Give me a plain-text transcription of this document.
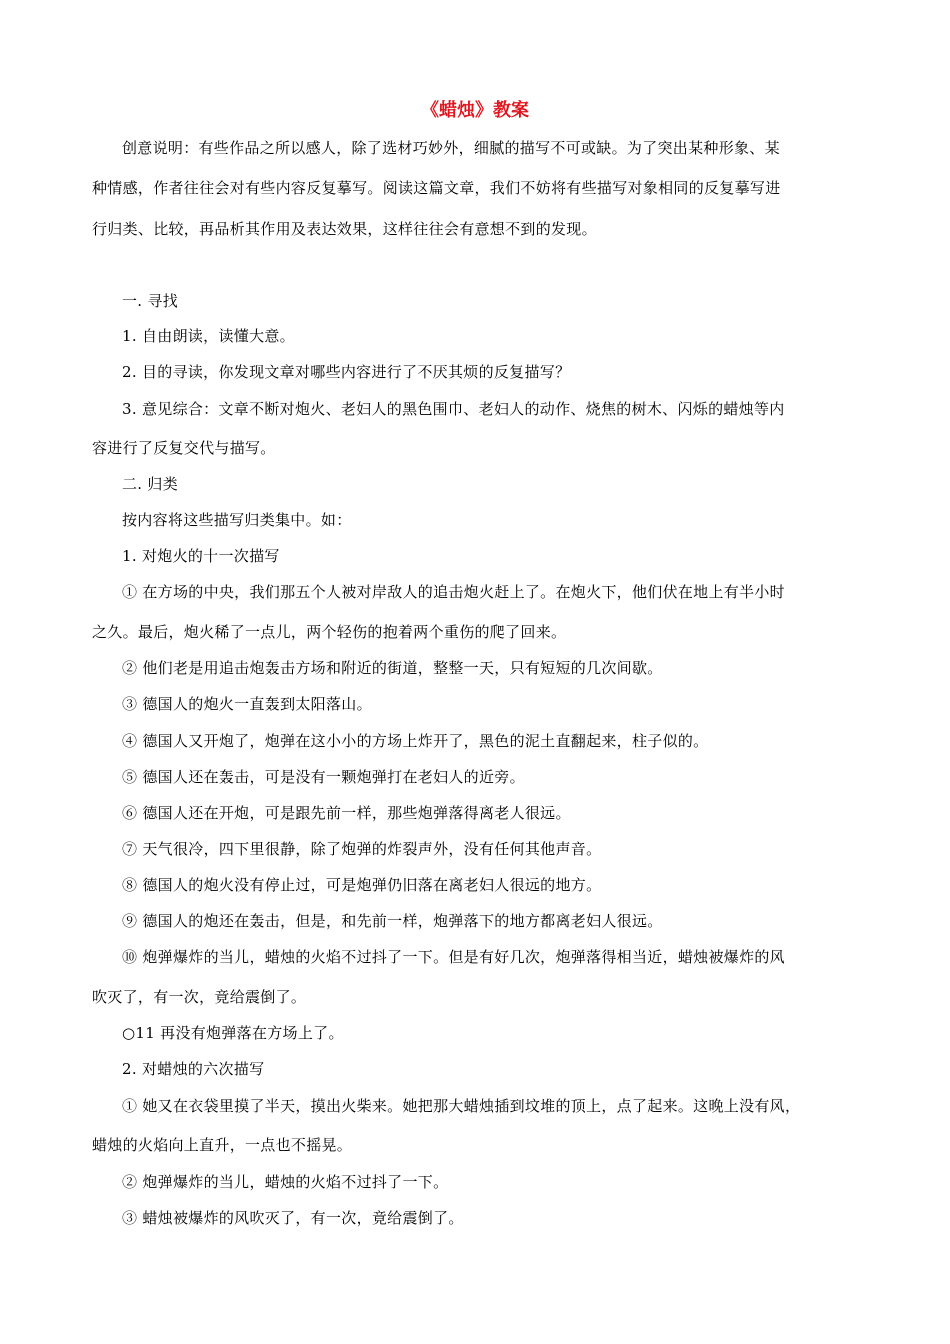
《蜡烛》教案
创意说明：有些作品之所以感人，除了选材巧妙外，细腻的描写不可或缺。为了突出某种形象、某
种情感，作者往往会对有些内容反复摹写。阅读这篇文章，我们不妨将有些描写对象相同的反复摹写进
行归类、比较，再品析其作用及表达效果，这样往往会有意想不到的发现。
一. 寻找
1. 自由朗读，读懂大意。
2. 目的寻读，你发现文章对哪些内容进行了不厌其烦的反复描写？
3. 意见综合：文章不断对炮火、老妇人的黑色围巾、老妇人的动作、烧焦的树木、闪烁的蜡烛等内
容进行了反复交代与描写。
二. 归类
按内容将这些描写归类集中。如：
1. 对炮火的十一次描写
① 在方场的中央，我们那五个人被对岸敌人的追击炮火赶上了。在炮火下，他们伏在地上有半小时
之久。最后，炮火稀了一点儿，两个轻伤的抱着两个重伤的爬了回来。
② 他们老是用追击炮轰击方场和附近的街道，整整一天，只有短短的几次间歇。
③ 德国人的炮火一直轰到太阳落山。
④ 德国人又开炮了，炮弹在这小小的方场上炸开了，黑色的泥土直翻起来，柱子似的。
⑤ 德国人还在轰击，可是没有一颗炮弹打在老妇人的近旁。
⑥ 德国人还在开炮，可是跟先前一样，那些炮弹落得离老人很远。
⑦ 天气很冷，四下里很静，除了炮弹的炸裂声外，没有任何其他声音。
⑧ 德国人的炮火没有停止过，可是炮弹仍旧落在离老妇人很远的地方。
⑨ 德国人的炮还在轰击，但是，和先前一样，炮弹落下的地方都离老妇人很远。
⑩ 炮弹爆炸的当儿，蜡烛的火焰不过抖了一下。但是有好几次，炮弹落得相当近，蜡烛被爆炸的风
吹灭了，有一次，竟给震倒了。
○11 再没有炮弹落在方场上了。
2. 对蜡烛的六次描写
① 她又在衣袋里摸了半天，摸出火柴来。她把那大蜡烛插到坟堆的顶上，点了起来。这晚上没有风，
蜡烛的火焰向上直升，一点也不摇晃。
② 炮弹爆炸的当儿，蜡烛的火焰不过抖了一下。
③ 蜡烛被爆炸的风吹灭了，有一次，竟给震倒了。
